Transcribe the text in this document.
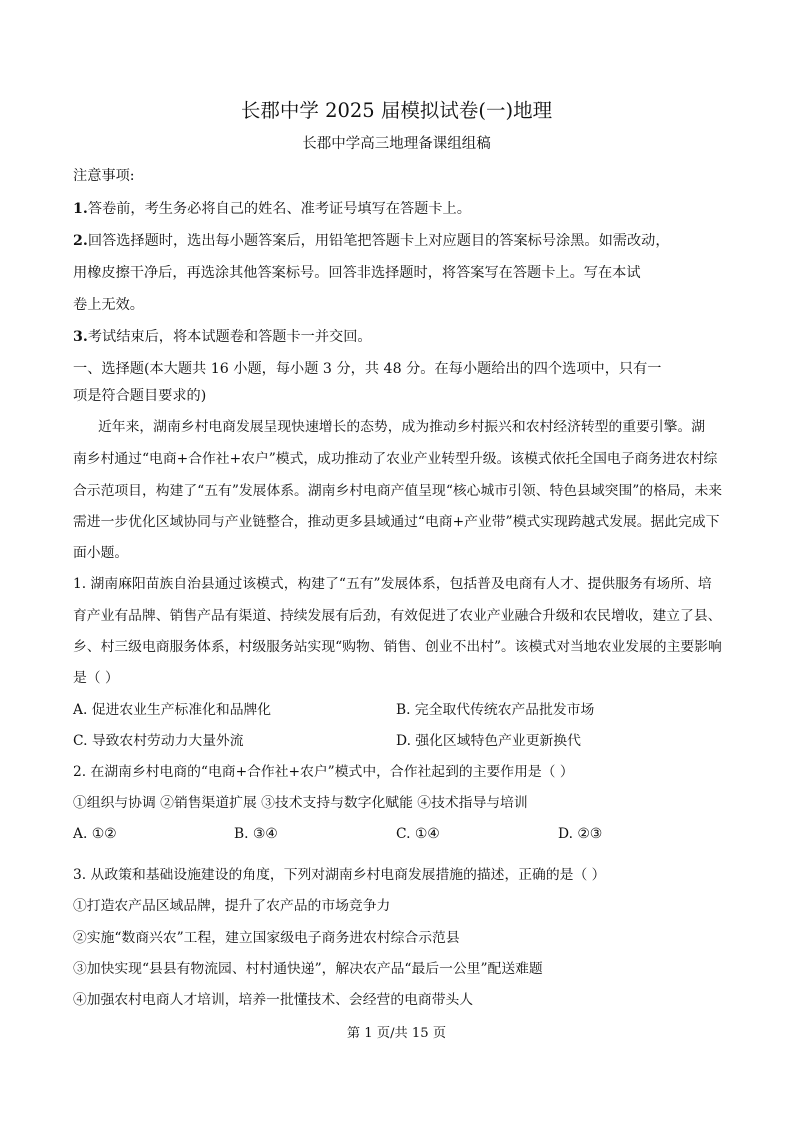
长郡中学 2025 届模拟试卷(一)地理
长郡中学高三地理备课组组稿
注意事项:
1.答卷前，考生务必将自己的姓名、准考证号填写在答题卡上。
2.回答选择题时，选出每小题答案后，用铅笔把答题卡上对应题目的答案标号涂黑。如需改动，
用橡皮擦干净后，再选涂其他答案标号。回答非选择题时，将答案写在答题卡上。写在本试
卷上无效。
3.考试结束后，将本试题卷和答题卡一并交回。
一、选择题(本大题共 16 小题，每小题 3 分，共 48 分。在每小题给出的四个选项中，只有一
项是符合题目要求的)
近年来，湖南乡村电商发展呈现快速增长的态势，成为推动乡村振兴和农村经济转型的重要引擎。湖
南乡村通过“电商+合作社+农户”模式，成功推动了农业产业转型升级。该模式依托全国电子商务进农村综
合示范项目，构建了“五有”发展体系。湖南乡村电商产值呈现“核心城市引领、特色县域突围”的格局，未来
需进一步优化区域协同与产业链整合，推动更多县域通过“电商+产业带”模式实现跨越式发展。据此完成下
面小题。
1. 湖南麻阳苗族自治县通过该模式，构建了“五有”发展体系，包括普及电商有人才、提供服务有场所、培
育产业有品牌、销售产品有渠道、持续发展有后劲，有效促进了农业产业融合升级和农民增收，建立了县、
乡、村三级电商服务体系，村级服务站实现“购物、销售、创业不出村”。该模式对当地农业发展的主要影响
是（ ）
A. 促进农业生产标准化和品牌化	B. 完全取代传统农产品批发市场
C. 导致农村劳动力大量外流	D. 强化区域特色产业更新换代
2. 在湖南乡村电商的“电商+合作社+农户”模式中，合作社起到的主要作用是（ ）
①组织与协调 ②销售渠道扩展 ③技术支持与数字化赋能 ④技术指导与培训
A. ①②	B. ③④	C. ①④	D. ②③
3. 从政策和基础设施建设的角度，下列对湖南乡村电商发展措施的描述，正确的是（ ）
①打造农产品区域品牌，提升了农产品的市场竞争力
②实施“数商兴农”工程，建立国家级电子商务进农村综合示范县
③加快实现“县县有物流园、村村通快递”，解决农产品“最后一公里”配送难题
④加强农村电商人才培训，培养一批懂技术、会经营的电商带头人
第 1 页/共 15 页
